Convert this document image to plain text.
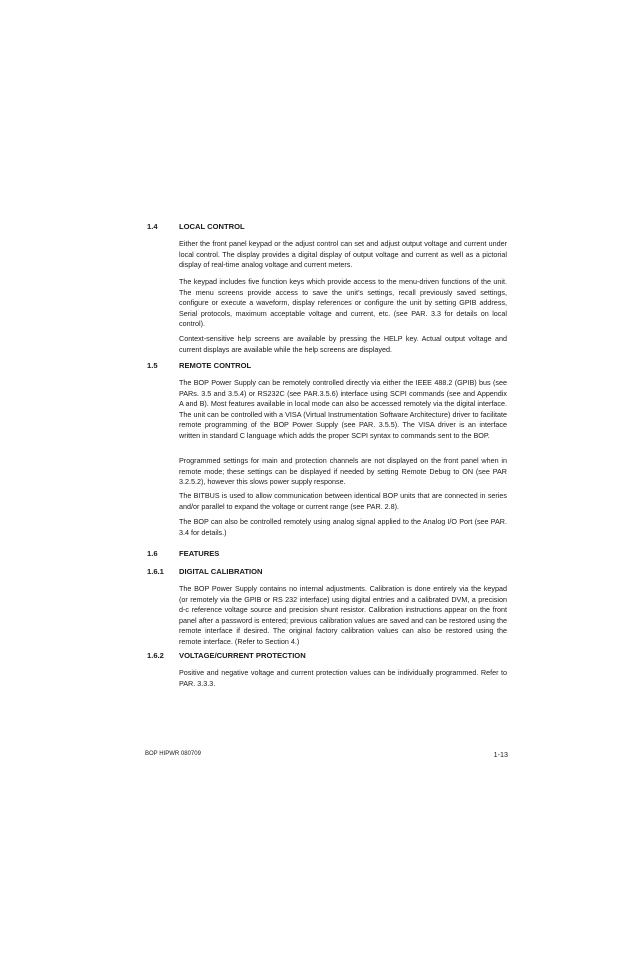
1.4	LOCAL CONTROL

Either the front panel keypad or the adjust control can set and adjust output voltage and current under local control. The display provides a digital display of output voltage and current as well as a pictorial display of real-time analog voltage and current meters.

The keypad includes five function keys which provide access to the menu-driven functions of the unit. The menu screens provide access to save the unit’s settings, recall previously saved settings, configure or execute a waveform, display references or configure the unit by setting GPIB address, Serial protocols, maximum acceptable voltage and current, etc. (see PAR. 3.3 for details on local control).

Context-sensitive help screens are available by pressing the HELP key. Actual output voltage and current displays are available while the help screens are displayed.

1.5	REMOTE CONTROL

The BOP Power Supply can be remotely controlled directly via either the IEEE 488.2 (GPIB) bus (see PARs. 3.5 and 3.5.4) or RS232C (see PAR.3.5.6) interface using SCPI commands (see and Appendix A and B). Most features available in local mode can also be accessed remotely via the digital interface. The unit can be controlled with a VISA (Virtual Instrumentation Software Architecture) driver to facilitate remote programming of the BOP Power Supply (see PAR. 3.5.5). The VISA driver is an interface written in standard C language which adds the proper SCPI syntax to commands sent to the BOP.

Programmed settings for main and protection channels are not displayed on the front panel when in remote mode; these settings can be displayed if needed by setting Remote Debug to ON (see PAR 3.2.5.2), however this slows power supply response.

The BITBUS is used to allow communication between identical BOP units that are connected in series and/or parallel to expand the voltage or current range (see PAR. 2.8).

The BOP can also be controlled remotely using analog signal applied to the Analog I/O Port (see PAR. 3.4 for details.)

1.6	FEATURES
1.6.1 DIGITAL CALIBRATION

The BOP Power Supply contains no internal adjustments. Calibration is done entirely via the keypad (or remotely via the GPIB or RS 232 interface) using digital entries and a calibrated DVM, a precision d-c reference voltage source and precision shunt resistor. Calibration instructions appear on the front panel after a password is entered; previous calibration values are saved and can be restored using the remote interface if desired. The original factory calibration values can also be restored using the remote interface. (Refer to Section 4.)

1.6.2 VOLTAGE/CURRENT PROTECTION

Positive and negative voltage and current protection values can be individually programmed. Refer to PAR. 3.3.3.

BOP HIPWR 080709	1-13
